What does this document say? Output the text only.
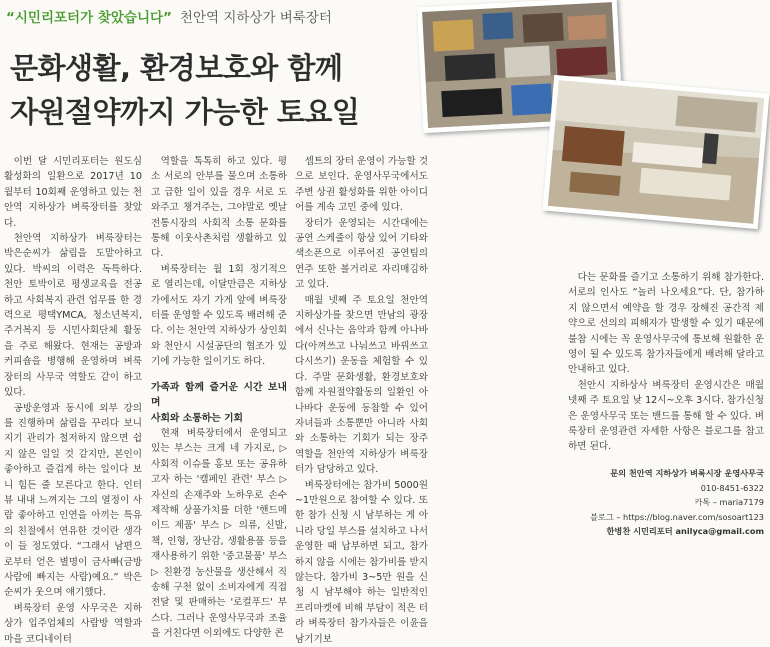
“시민리포터가 찾았습니다” 천안역 지하상가 벼룩장터
문화생활, 환경보호와 함께
자원절약까지 가능한 토요일

이번 달 시민리포터는 원도심 활성화의 일환으로 2017년 10월부터 10회째 운영하고 있는 천안역 지하상가 벼룩장터를 찾았다.

천안역 지하상가 벼룩장터는 박은순씨가 삶림을 도맡아하고 있다. 박씨의 이력은 독특하다. 천안 토박이로 평생교육을 전공하고 사회복지 관련 업무를 한 경력으로 평택YMCA, 청소년복지, 주거복지 등 시민사회단체 활동을 주로 해왔다. 현재는 공방과 커피숍을 병행해 운영하며 벼룩장터의 사무국 역할도 같이 하고 있다.

공방운영과 동시에 외부 강의를 진행하며 삶림을 꾸리다 보니 지기 관리가 철저하지 않으면 쉽지 않은 일일 것 같지만, 본인이 좋아하고 즐겁게 하는 일이다 보니 힘든 줄 모른다고 한다. 인터뷰 내내 느껴지는 그의 열정이 사람 좋아하고 인연을 아끼는 특유의 친절에서 연유한 것이란 생각이 들 정도였다. “그래서 남편으로부터 얻은 별명이 금사빠(금방 사람에 빠지는 사람)예요.” 박은순씨가 웃으며 얘기했다.

벼룩장터 운영 사무국은 지하상가 입주업체의 사람방 역할과 마을 코디네이터

역할을 톡톡히 하고 있다. 평소 서로의 안부를 물으며 소통하고 급한 일이 있을 경우 서로 도와주고 챙겨주는, 그야말로 옛날 전통시장의 사회적 소통 문화를 통해 이웃사촌처럼 생활하고 있다.

벼룩장터는 월 1회 정기적으로 열리는데, 이달만큼은 지하상가에서도 자기 가게 앞에 벼룩장터를 운영할 수 있도록 배려해 준다. 이는 천안역 지하상가 상인회와 천안시 시설공단의 협조가 있기에 가능한 일이기도 하다.

가족과 함께 즐거운 시간 보내며
사회와 소통하는 기회

현재 벼룩장터에서 운영되고 있는 부스는 크게 네 가지로, ▷ 사회적 이슈를 홍보 또는 공유하고자 하는 '캠페인 관련' 부스 ▷ 자신의 손재주와 노하우로 손수 제작해 상품가치를 더한 '핸드메이드 제품' 부스 ▷ 의류, 신발, 책, 인형, 장난감, 생활용품 등을 재사용하기 위한 '중고물품' 부스 ▷ 친환경 농산물을 생산해서 직송해 구천 없이 소비자에게 직접 전달 및 판매하는 '로컬푸드' 부스다. 그러나 운영사무국과 조율을 거친다면 이외에도 다양한 콘

셉트의 장터 운영이 가능할 것으로 보인다. 운영사무국에서도 주변 상권 활성화를 위한 아이디어를 계속 고민 중에 있다.

장터가 운영되는 시간대에는 공연 스케줄이 항상 있어 기타와 색소폰으로 이루어진 공연팀의 연주 또한 볼거리로 자리매김하고 있다.

매월 넷째 주 토요일 천안역 지하상가를 찾으면 만남의 광장에서 신나는 음악과 함께 아나바다(아껴쓰고 나눠쓰고 바꿔쓰고 다시쓰기) 운동을 체험할 수 있다. 주말 문화생활, 환경보호와 함께 자원절약활동의 일환인 아나바다 운동에 동참할 수 있어 자녀들과 소통뿐만 아니라 사회와 소통하는 기회가 되는 장주 역할을 천안역 지하상가 벼룩장터가 담당하고 있다.

벼룩장터에는 참가비 5000원~1만원으로 참여할 수 있다. 또한 참가 신청 시 남부하는 게 아니라 당일 부스를 설치하고 나서 운영한 때 납부하면 되고, 참가하지 않을 시에는 참가비를 받지 않는다. 참가비 3~5만 원을 신청 시 남부해야 하는 일반적인 프리마켓에 비해 부담이 적은 터라 벼룩장터 참가자들은 이윤을 남기기보

다는 문화를 즐기고 소통하기 위해 참가한다. 서로의 인사도 “놀러 나오세요”다. 단, 참가하지 않으면서 예약을 할 경우 장해진 공간적 제약으로 선의의 피해자가 발생할 수 있기 때문에 불참 시에는 꼭 운영사무국에 통보해 원활한 운영이 될 수 있도록 참가자들에게 배려해 달라고 안내하고 있다.

천안시 지하상사 벼룩장터 운영시간은 매월 넷째 주 토요일 낮 12시~오후 3시다. 참가신청은 운영사무국 또는 밴드를 통해 할 수 있다. 벼룩장터 운영관련 자세한 사항은 블로그를 참고하면 된다.

문의 천안역 지하상가 벼룩시장 운영사무국
010-8451-6322
카톡 – maria7179
블로그 – https://blog.naver.com/sosoart123
한병찬 시민리포터 anilyca@gmail.com
